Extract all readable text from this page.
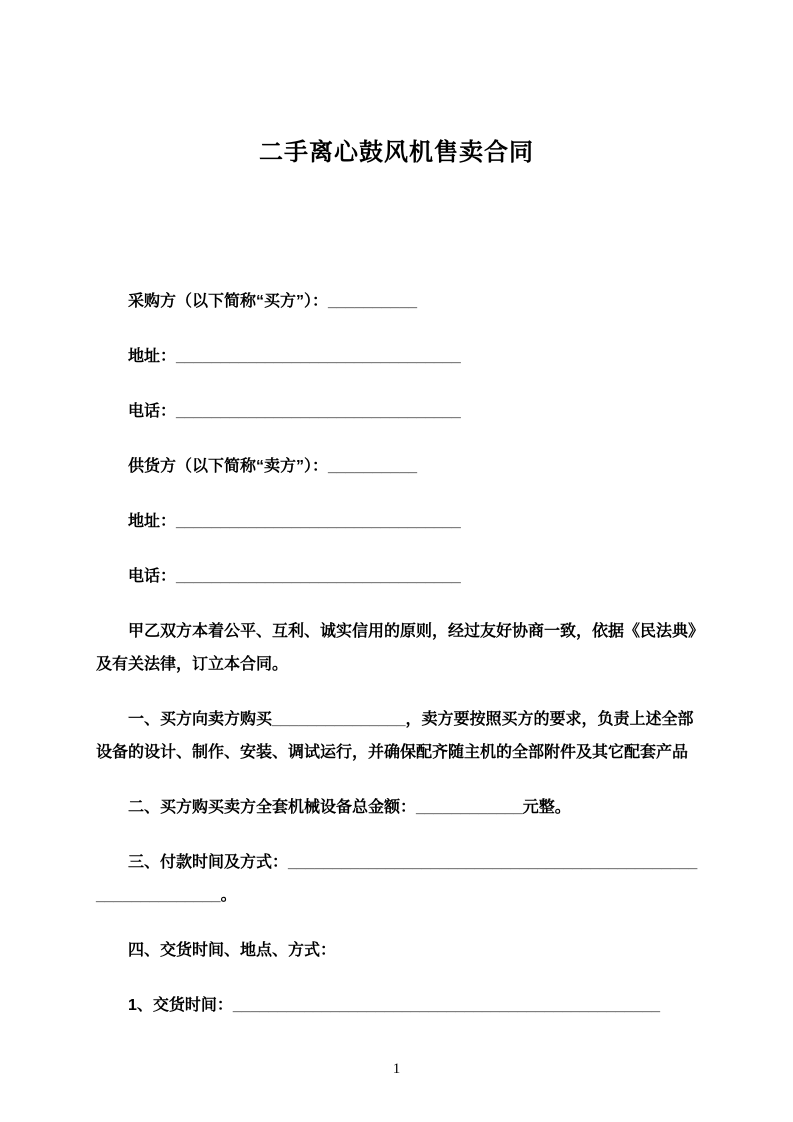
二手离心鼓风机售卖合同

采购方（以下简称“买方”）：__________

地址：________________________________

电话：________________________________

供货方（以下简称“卖方”）：__________

地址：________________________________

电话：________________________________

甲乙双方本着公平、互利、诚实信用的原则，经过友好协商一致，依据《民法典》及有关法律，订立本合同。

一、买方向卖方购买_______________，卖方要按照买方的要求，负责上述全部设备的设计、制作、安装、调试运行，并确保配齐随主机的全部附件及其它配套产品

二、买方购买卖方全套机械设备总金额：____________元整。

三、付款时间及方式：____________________________________________________________。

四、交货时间、地点、方式：

1、交货时间：________________________________________________

1
